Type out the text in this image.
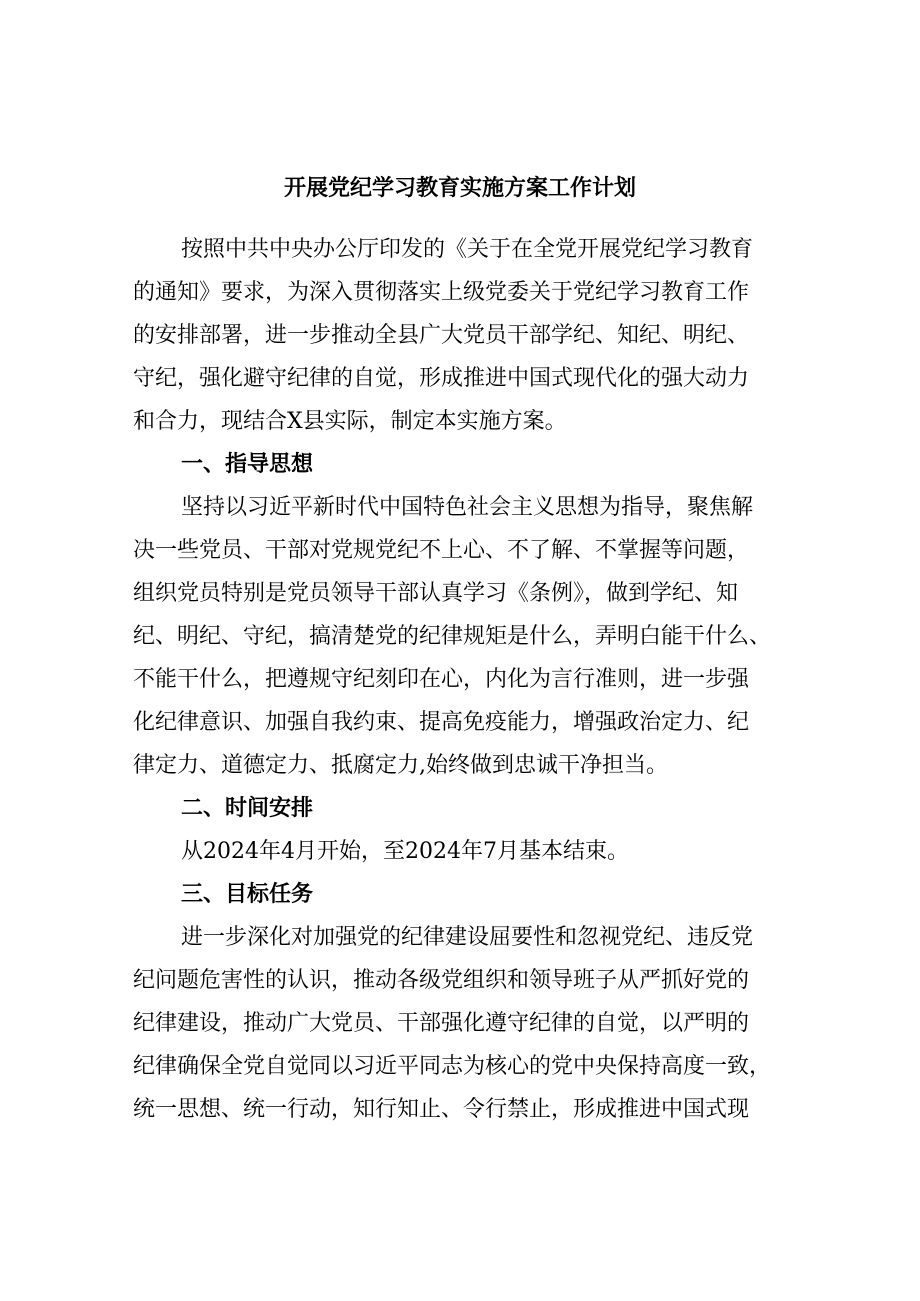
开展党纪学习教育实施方案工作计划
按照中共中央办公厅印发的《关于在全党开展党纪学习教育
的通知》要求，为深入贯彻落实上级党委关于党纪学习教育工作
的安排部署，进一步推动全县广大党员干部学纪、知纪、明纪、
守纪，强化避守纪律的自觉，形成推进中国式现代化的强大动力
和合力，现结合X县实际，制定本实施方案。
一、指导思想
坚持以习近平新时代中国特色社会主义思想为指导，聚焦解
决一些党员、干部对党规党纪不上心、不了解、不掌握等问题，
组织党员特别是党员领导干部认真学习《条例》，做到学纪、知
纪、明纪、守纪，搞清楚党的纪律规矩是什么，弄明白能干什么、
不能干什么，把遵规守纪刻印在心，内化为言行准则，进一步强
化纪律意识、加强自我约束、提高免疫能力，增强政治定力、纪
律定力、道德定力、抵腐定力,始终做到忠诚干净担当。
二、时间安排
从2024年4月开始，至2024年7月基本结束。
三、目标任务
进一步深化对加强党的纪律建设屈要性和忽视党纪、违反党
纪问题危害性的认识，推动各级党组织和领导班子从严抓好党的
纪律建设，推动广大党员、干部强化遵守纪律的自觉，以严明的
纪律确保全党自觉同以习近平同志为核心的党中央保持高度一致，
统一思想、统一行动，知行知止、令行禁止，形成推进中国式现
